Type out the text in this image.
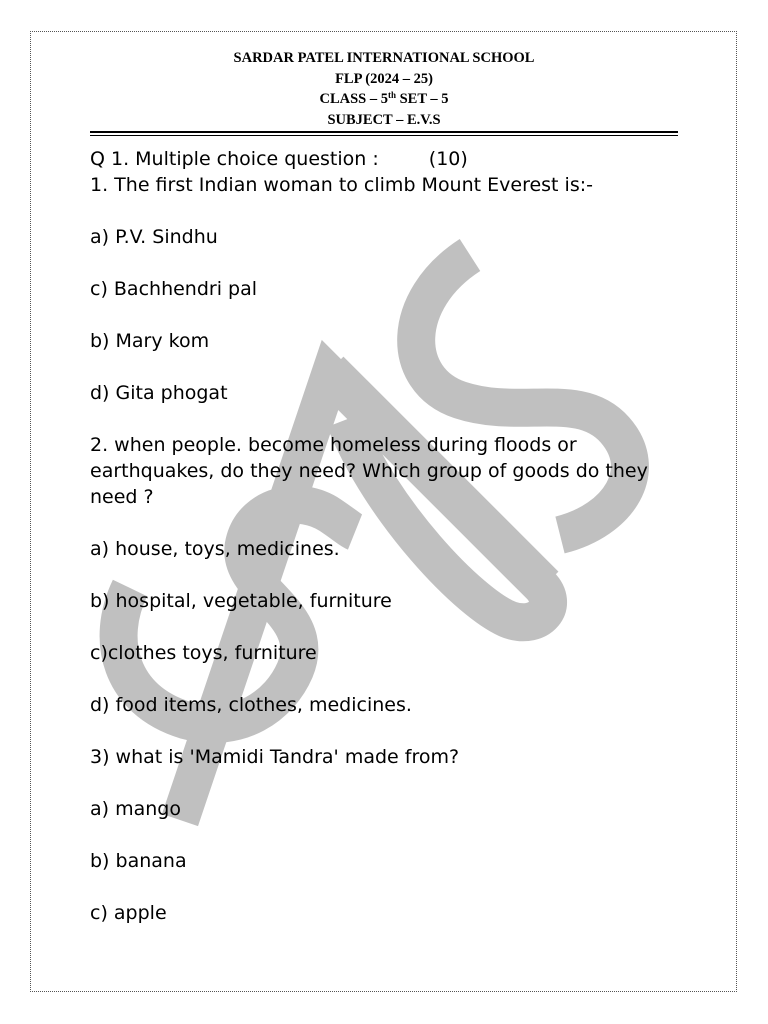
SARDAR PATEL INTERNATIONAL SCHOOL
FLP (2024 – 25)
CLASS – 5th SET – 5
SUBJECT – E.V.S
Q 1. Multiple choice question :	(10)
1. The first Indian woman to climb Mount Everest is:-
a) P.V. Sindhu
c) Bachhendri pal
b) Mary kom
d) Gita phogat
2. when people. become homeless during floods or earthquakes, do they need? Which group of goods do they need ?
a) house, toys, medicines.
b) hospital, vegetable, furniture
c)clothes toys, furniture
d) food items, clothes, medicines.
3) what is 'Mamidi Tandra' made from?
a) mango
b) banana
c) apple
